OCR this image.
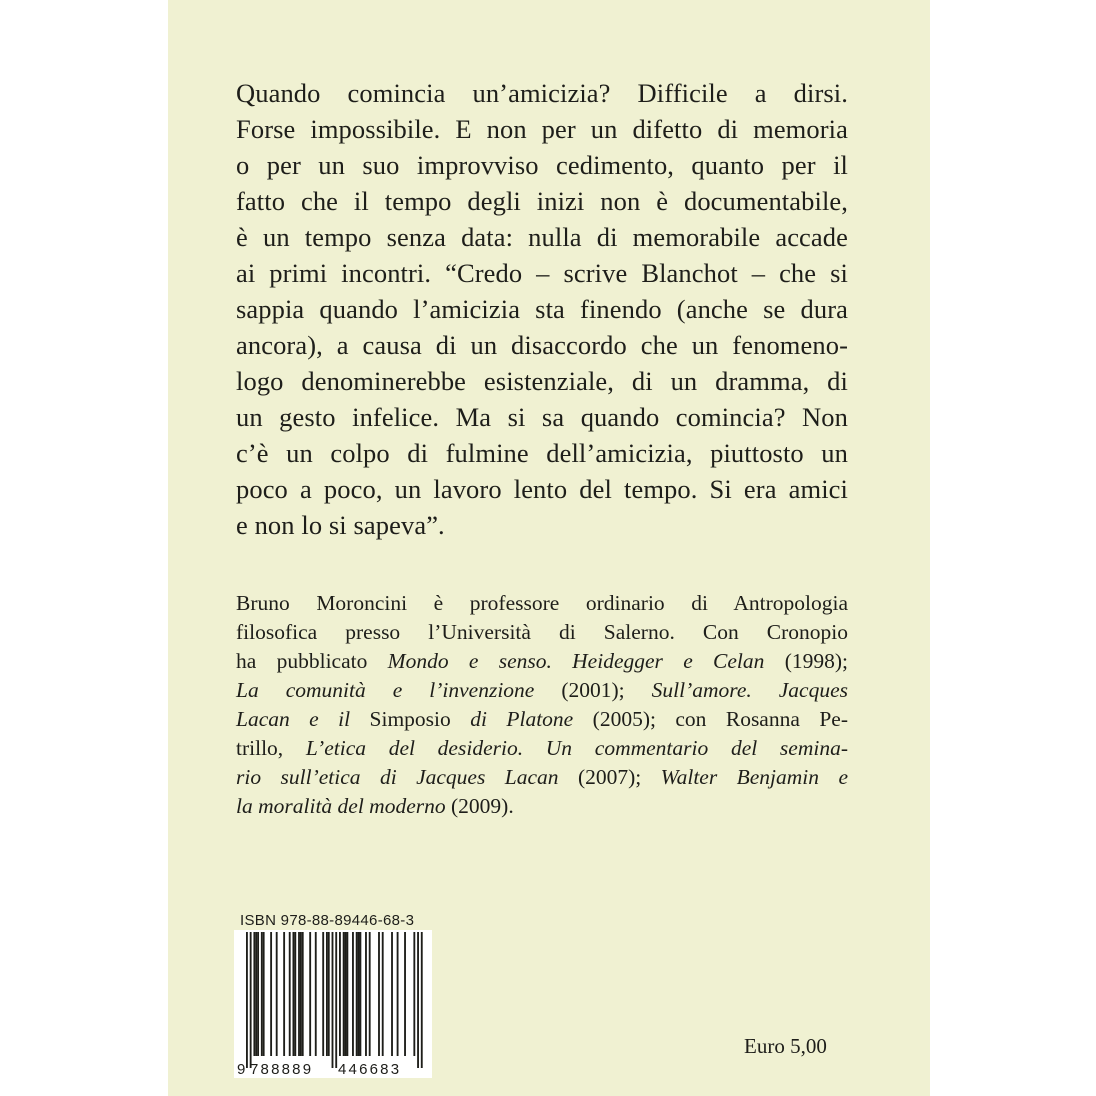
Quando comincia un’amicizia? Difficile a dirsi.
Forse impossibile. E non per un difetto di memoria
o per un suo improvviso cedimento, quanto per il
fatto che il tempo degli inizi non è documentabile,
è un tempo senza data: nulla di memorabile accade
ai primi incontri. “Credo – scrive Blanchot – che si
sappia quando l’amicizia sta finendo (anche se dura
ancora), a causa di un disaccordo che un fenomeno-
logo denominerebbe esistenziale, di un dramma, di
un gesto infelice. Ma si sa quando comincia? Non
c’è un colpo di fulmine dell’amicizia, piuttosto un
poco a poco, un lavoro lento del tempo. Si era amici
e non lo si sapeva”.
Bruno Moroncini è professore ordinario di Antropologia
filosofica presso l’Università di Salerno. Con Cronopio
ha pubblicato Mondo e senso. Heidegger e Celan (1998);
La comunità e l’invenzione (2001); Sull’amore. Jacques
Lacan e il Simposio di Platone (2005); con Rosanna Pe-
trillo, L’etica del desiderio. Un commentario del semina-
rio sull’etica di Jacques Lacan (2007); Walter Benjamin e
la moralità del moderno (2009).
ISBN 978-88-89446-68-3
9 788889 446683
Euro 5,00
